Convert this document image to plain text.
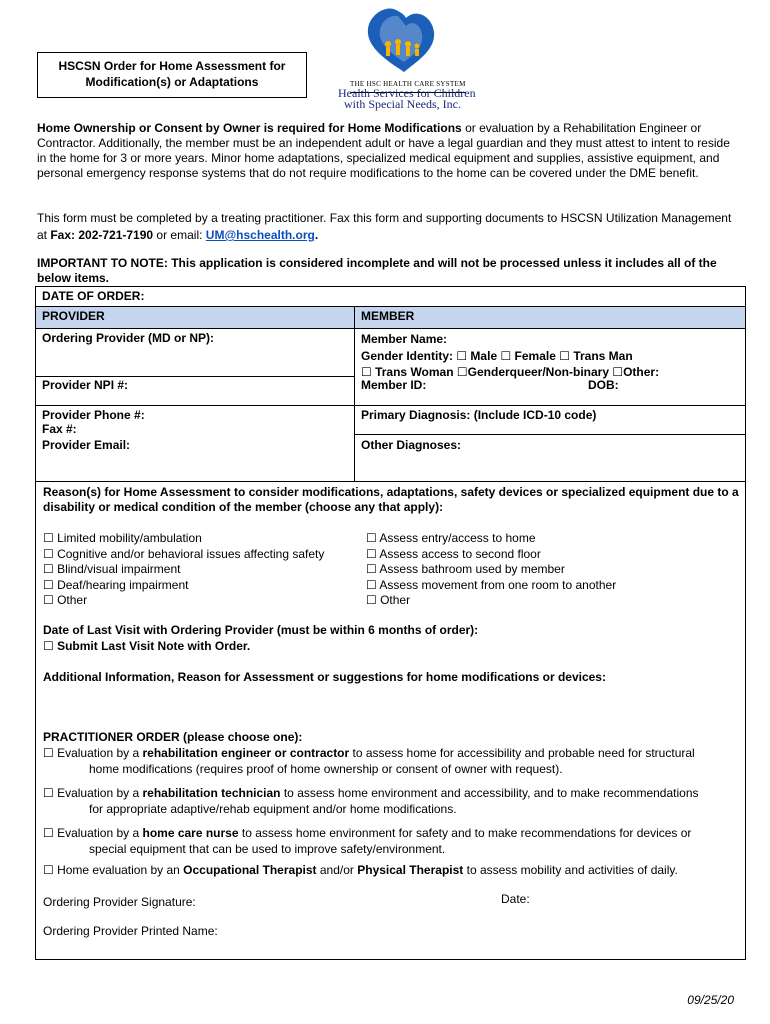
HSCSN Order for Home Assessment for
Modification(s) or Adaptations	THE HSC HEALTH CARE SYSTEM
Health Services for Children
with Special Needs, Inc.
Home Ownership or Consent by Owner is required for Home Modifications or evaluation by a Rehabilitation Engineer or Contractor. Additionally, the member must be an independent adult or have a legal guardian and they must attest to intent to reside in the home for 3 or more years. Minor home adaptations, specialized medical equipment and supplies, assistive equipment, and personal emergency response systems that do not require modifications to the home can be covered under the DME benefit.
This form must be completed by a treating practitioner. Fax this form and supporting documents to HSCSN Utilization Management at Fax: 202-721-7190 or email: UM@hschealth.org.
IMPORTANT TO NOTE: This application is considered incomplete and will not be processed unless it includes all of the below items.
DATE OF ORDER:
PROVIDER	MEMBER
Ordering Provider (MD or NP):	Member Name:
Gender Identity: ☐ Male ☐ Female ☐ Trans Man
☐ Trans Woman ☐Genderqueer/Non-binary ☐Other:
Provider NPI #:	Member ID:	DOB:
Provider Phone #:
Fax #:
Primary Diagnosis: (Include ICD-10 code)
Provider Email:	Other Diagnoses:
Reason(s) for Home Assessment to consider modifications, adaptations, safety devices or specialized equipment due to a disability or medical condition of the member (choose any that apply):
☐ Limited mobility/ambulation
☐ Cognitive and/or behavioral issues affecting safety
☐ Blind/visual impairment
☐ Deaf/hearing impairment
☐ Other
☐ Assess entry/access to home
☐ Assess access to second floor
☐ Assess bathroom used by member
☐ Assess movement from one room to another
☐ Other
Date of Last Visit with Ordering Provider (must be within 6 months of order):
☐ Submit Last Visit Note with Order.
Additional Information, Reason for Assessment or suggestions for home modifications or devices:
PRACTITIONER ORDER (please choose one):
☐ Evaluation by a rehabilitation engineer or contractor to assess home for accessibility and probable need for structural
home modifications (requires proof of home ownership or consent of owner with request).
☐ Evaluation by a rehabilitation technician to assess home environment and accessibility, and to make recommendations
for appropriate adaptive/rehab equipment and/or home modifications.
☐ Evaluation by a home care nurse to assess home environment for safety and to make recommendations for devices or
special equipment that can be used to improve safety/environment.
☐ Home evaluation by an Occupational Therapist and/or Physical Therapist to assess mobility and activities of daily.
Ordering Provider Signature:	Date:
Ordering Provider Printed Name:
09/25/20
